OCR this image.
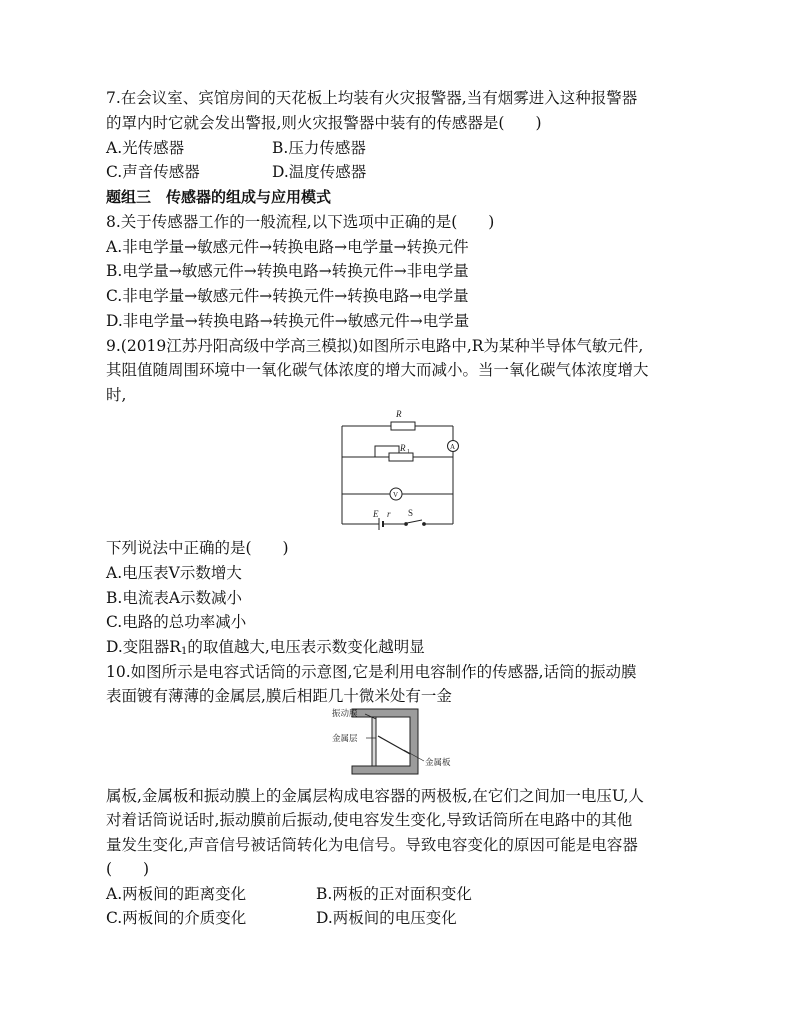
7.在会议室、宾馆房间的天花板上均装有火灾报警器,当有烟雾进入这种报警器
的罩内时它就会发出警报,则火灾报警器中装有的传感器是(　　)
A.光传感器	B.压力传感器
C.声音传感器	D.温度传感器
题组三　传感器的组成与应用模式
8.关于传感器工作的一般流程,以下选项中正确的是(　　)
A.非电学量→敏感元件→转换电路→电学量→转换元件
B.电学量→敏感元件→转换电路→转换元件→非电学量
C.非电学量→敏感元件→转换元件→转换电路→电学量
D.非电学量→转换电路→转换元件→敏感元件→电学量
9.(2019江苏丹阳高级中学高三模拟)如图所示电路中,R为某种半导体气敏元件,
其阻值随周围环境中一氧化碳气体浓度的增大而减小。当一氧化碳气体浓度增大
时,
R
R 1
A
V
E r S
下列说法中正确的是(　　)
A.电压表V示数增大
B.电流表A示数减小
C.电路的总功率减小
D.变阻器$R_1$的取值越大,电压表示数变化越明显
10.如图所示是电容式话筒的示意图,它是利用电容制作的传感器,话筒的振动膜
表面镀有薄薄的金属层,膜后相距几十微米处有一金
振动膜
金属层
金属板
属板,金属板和振动膜上的金属层构成电容器的两极板,在它们之间加一电压U,人
对着话筒说话时,振动膜前后振动,使电容发生变化,导致话筒所在电路中的其他
量发生变化,声音信号被话筒转化为电信号。导致电容变化的原因可能是电容器
(　　)
A.两板间的距离变化	B.两板的正对面积变化
C.两板间的介质变化	D.两板间的电压变化
